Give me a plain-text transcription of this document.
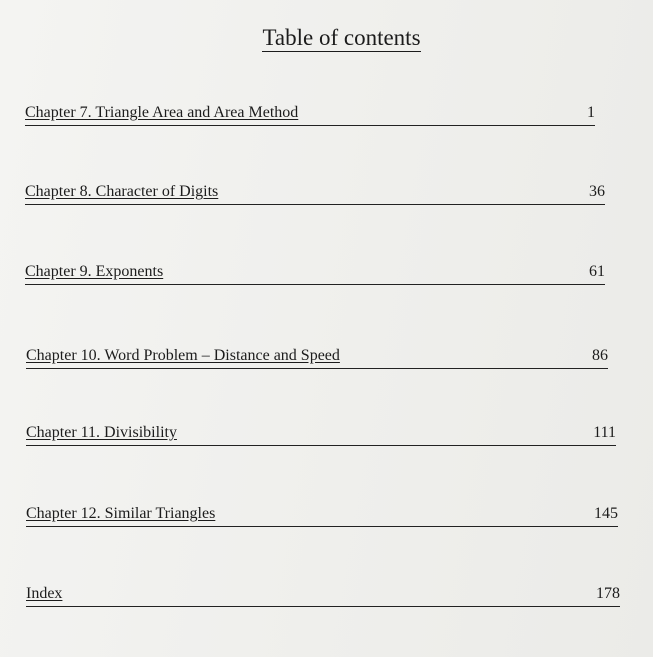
Table of contents
Chapter 7. Triangle Area and Area Method	1
Chapter 8. Character of Digits	36
Chapter 9. Exponents	61
Chapter 10. Word Problem – Distance and Speed	86
Chapter 11. Divisibility	111
Chapter 12. Similar Triangles	145
Index	178
